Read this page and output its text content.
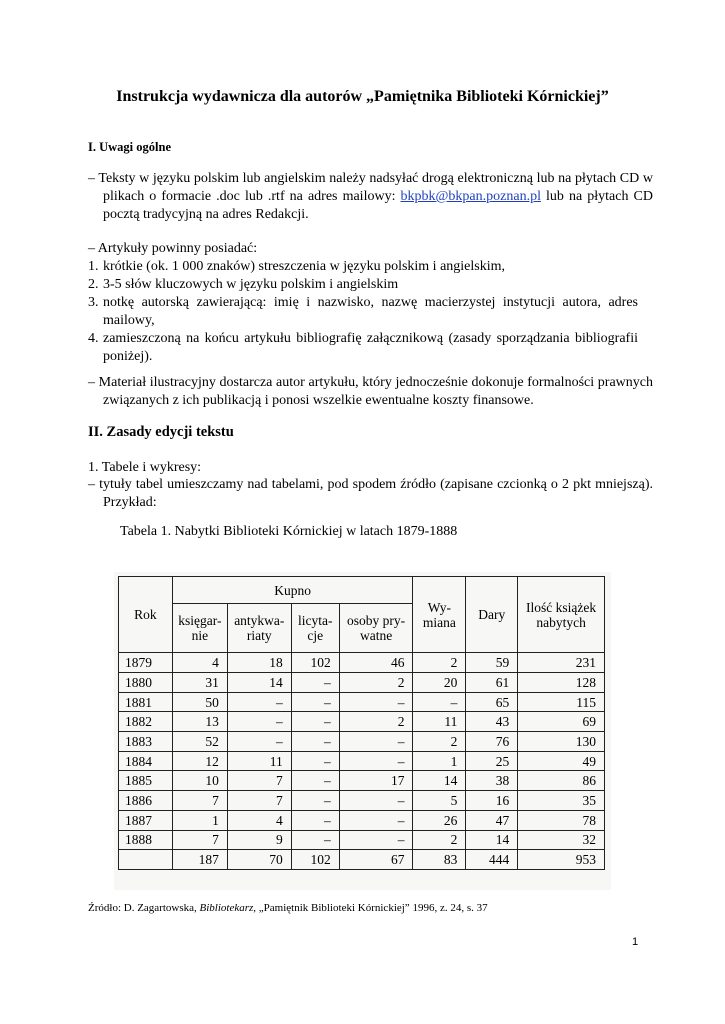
Instrukcja wydawnicza dla autorów „Pamiętnika Biblioteki Kórnickiej”
I. Uwagi ogólne
– Teksty w języku polskim lub angielskim należy nadsyłać drogą elektroniczną lub na płytach CD w plikach o formacie .doc lub .rtf na adres mailowy: bkpbk@bkpan.poznan.pl lub na płytach CD pocztą tradycyjną na adres Redakcji.
– Artykuły powinny posiadać:
1. krótkie (ok. 1 000 znaków) streszczenia w języku polskim i angielskim,
2. 3-5 słów kluczowych w języku polskim i angielskim
3. notkę autorską zawierającą: imię i nazwisko, nazwę macierzystej instytucji autora, adres mailowy,
4. zamieszczoną na końcu artykułu bibliografię załącznikową (zasady sporządzania bibliografii poniżej).
– Materiał ilustracyjny dostarcza autor artykułu, który jednocześnie dokonuje formalności prawnych związanych z ich publikacją i ponosi wszelkie ewentualne koszty finansowe.
II. Zasady edycji tekstu
1. Tabele i wykresy:
– tytuły tabel umieszczamy nad tabelami, pod spodem źródło (zapisane czcionką o 2 pkt mniejszą). Przykład:
Tabela 1. Nabytki Biblioteki Kórnickiej w latach 1879-1888
Rok	Kupno				Wy-miana	Dary	Ilość książek nabytych
	księgar-nie	antykwa-riaty	licyta-cje	osoby pry-watne			
1879	4	18	102	46	2	59	231
1880	31	14	–	2	20	61	128
1881	50	–	–	–	–	65	115
1882	13	–	–	2	11	43	69
1883	52	–	–	–	2	76	130
1884	12	11	–	–	1	25	49
1885	10	7	–	17	14	38	86
1886	7	7	–	–	5	16	35
1887	1	4	–	–	26	47	78
1888	7	9	–	–	2	14	32
	187	70	102	67	83	444	953
Źródło: D. Zagartowska, Bibliotekarz, „Pamiętnik Biblioteki Kórnickiej” 1996, z. 24, s. 37
1
